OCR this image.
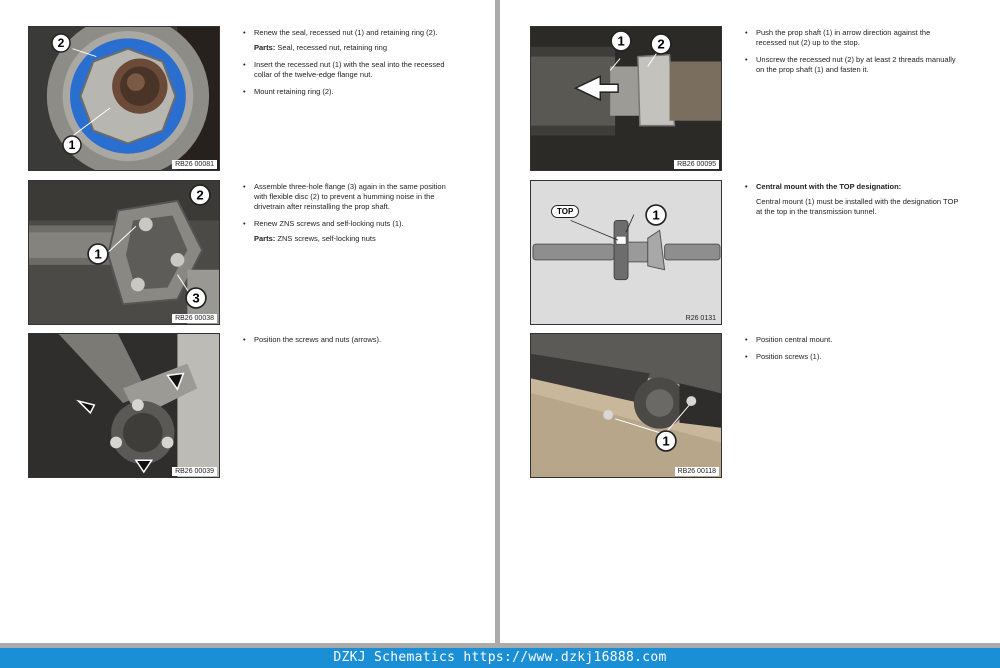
2
1
RB26 00081
• Renew the seal, recessed nut (1) and retaining ring (2).

Parts: Seal, recessed nut, retaining ring

• Insert the recessed nut (1) with the seal into the recessed collar of the twelve-edge flange nut.
• Mount retaining ring (2).
2
1
3
RB26 00038
• Assemble three-hole flange (3) again in the same position with flexible disc (2) to prevent a humming noise in the drivetrain after reinstalling the prop shaft.
• Renew ZNS screws and self-locking nuts (1).

Parts: ZNS screws, self-locking nuts

RB26 00039
• Position the screws and nuts (arrows).
1	2
RB26 00095
• Push the prop shaft (1) in arrow direction against the recessed nut (2) up to the stop.
• Unscrew the recessed nut (2) by at least 2 threads manually on the prop shaft (1) and fasten it.
TOP	1
R26 0131
• Central mount with the TOP designation:

Central mount (1) must be installed with the designation TOP at the top in the transmission tunnel.

1
RB26 00118
• Position central mount.
• Position screws (1).
DZKJ Schematics https://www.dzkj16888.com
